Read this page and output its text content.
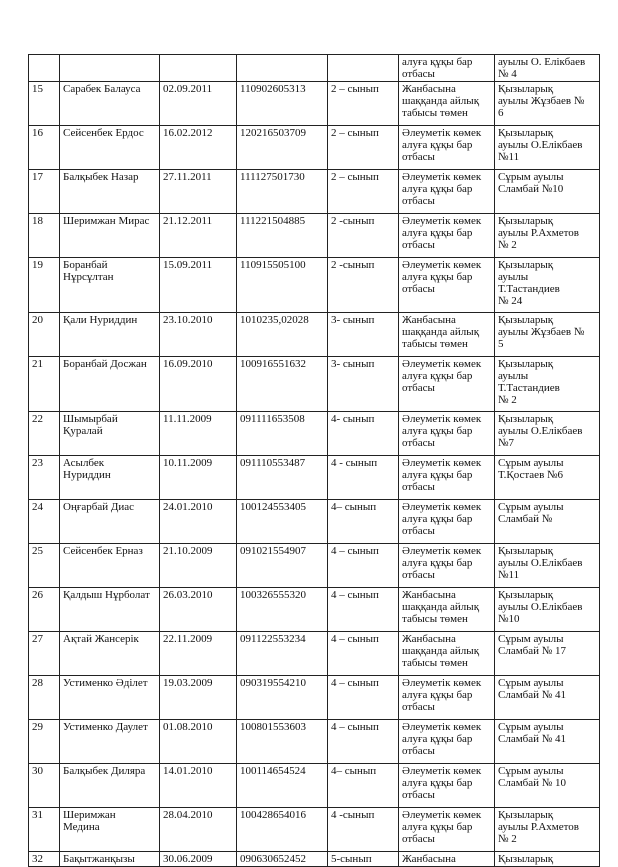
					алуға құқы бар
отбасы	ауылы О. Елікбаев
№ 4
15	Сарабек Балауса	02.09.2011	110902605313	2 – сынып	Жанбасына
шаққанда айлық
табысы төмен	Қызыларық
ауылы Жұзбаев №
6
16	Сейсенбек Ердос	16.02.2012	120216503709	2 – сынып	Әлеуметік көмек
алуға құқы бар
отбасы	Қызыларық
ауылы О.Елікбаев
№11
17	Балқыбек Назар	27.11.2011	111127501730	2 – сынып	Әлеуметік көмек
алуға құқы бар
отбасы	Сұрым ауылы
Сламбай №10
18	Шеримжан Мирас	21.12.2011	111221504885	2 -сынып	Әлеуметік көмек
алуға құқы бар
отбасы	Қызыларық
ауылы Р.Ахметов
№ 2
19	Боранбай
Нұрсұлтан	15.09.2011	110915505100	2 -сынып	Әлеуметік көмек
алуға құқы бар
отбасы	Қызыларық
ауылы
Т.Тастандиев
№ 24
20	Қали Нуриддин	23.10.2010	1010235,02028	3- сынып	Жанбасына
шаққанда айлық
табысы төмен	Қызыларық
ауылы Жұзбаев №
5
21	Боранбай Досжан	16.09.2010	100916551632	3- сынып	Әлеуметік көмек
алуға құқы бар
отбасы	Қызыларық
ауылы
Т.Тастандиев
№ 2
22	Шымырбай
Қуралай	11.11.2009	091111653508	4- сынып	Әлеуметік көмек
алуға құқы бар
отбасы	Қызыларық
ауылы О.Елікбаев
№7
23	Асылбек
Нуриддин	10.11.2009	091110553487	4 - сынып	Әлеуметік көмек
алуға құқы бар
отбасы	Сұрым ауылы
Т.Қостаев №6
24	Оңғарбай Диас	24.01.2010	100124553405	4– сынып	Әлеуметік көмек
алуға құқы бар
отбасы	Сұрым ауылы
Сламбай №
25	Сейсенбек Ерназ	21.10.2009	091021554907	4 – сынып	Әлеуметік көмек
алуға құқы бар
отбасы	Қызыларық
ауылы О.Елікбаев
№11
26	Қалдыш Нұрболат	26.03.2010	100326555320	4 – сынып	Жанбасына
шаққанда айлық
табысы төмен	Қызыларық
ауылы О.Елікбаев
№10
27	Ақтай Жансерік	22.11.2009	091122553234	4 – сынып	Жанбасына
шаққанда айлық
табысы төмен	Сұрым ауылы
Сламбай № 17
28	Устименко Әділет	19.03.2009	090319554210	4 – сынып	Әлеуметік көмек
алуға құқы бар
отбасы	Сұрым ауылы
Сламбай № 41
29	Устименко Даулет	01.08.2010	100801553603	4 – сынып	Әлеуметік көмек
алуға құқы бар
отбасы	Сұрым ауылы
Сламбай № 41
30	Балқыбек Диляра	14.01.2010	100114654524	4– сынып	Әлеуметік көмек
алуға құқы бар
отбасы	Сұрым ауылы
Сламбай № 10
31	Шеримжан
Медина	28.04.2010	100428654016	4 -сынып	Әлеуметік көмек
алуға құқы бар
отбасы	Қызыларық
ауылы Р.Ахметов
№ 2
32	Бақытжанқызы	30.06.2009	090630652452	5-сынып	Жанбасына	Қызыларық
